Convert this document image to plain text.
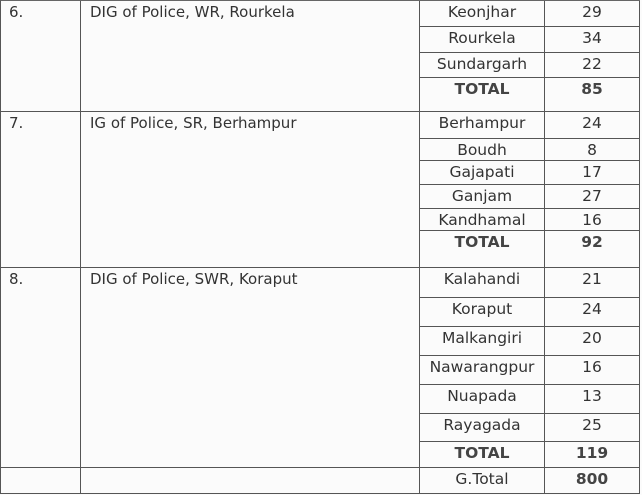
6.	DIG of Police, WR, Rourkela	Keonjhar	29
Rourkela	34
Sundargarh	22
TOTAL	85
7.	IG of Police, SR, Berhampur	Berhampur	24
Boudh	8
Gajapati	17
Ganjam	27
Kandhamal	16
TOTAL	92
8.	DIG of Police, SWR, Koraput	Kalahandi	21
Koraput	24
Malkangiri	20
Nawarangpur	16
Nuapada	13
Rayagada	25
TOTAL	119
G.Total	800
